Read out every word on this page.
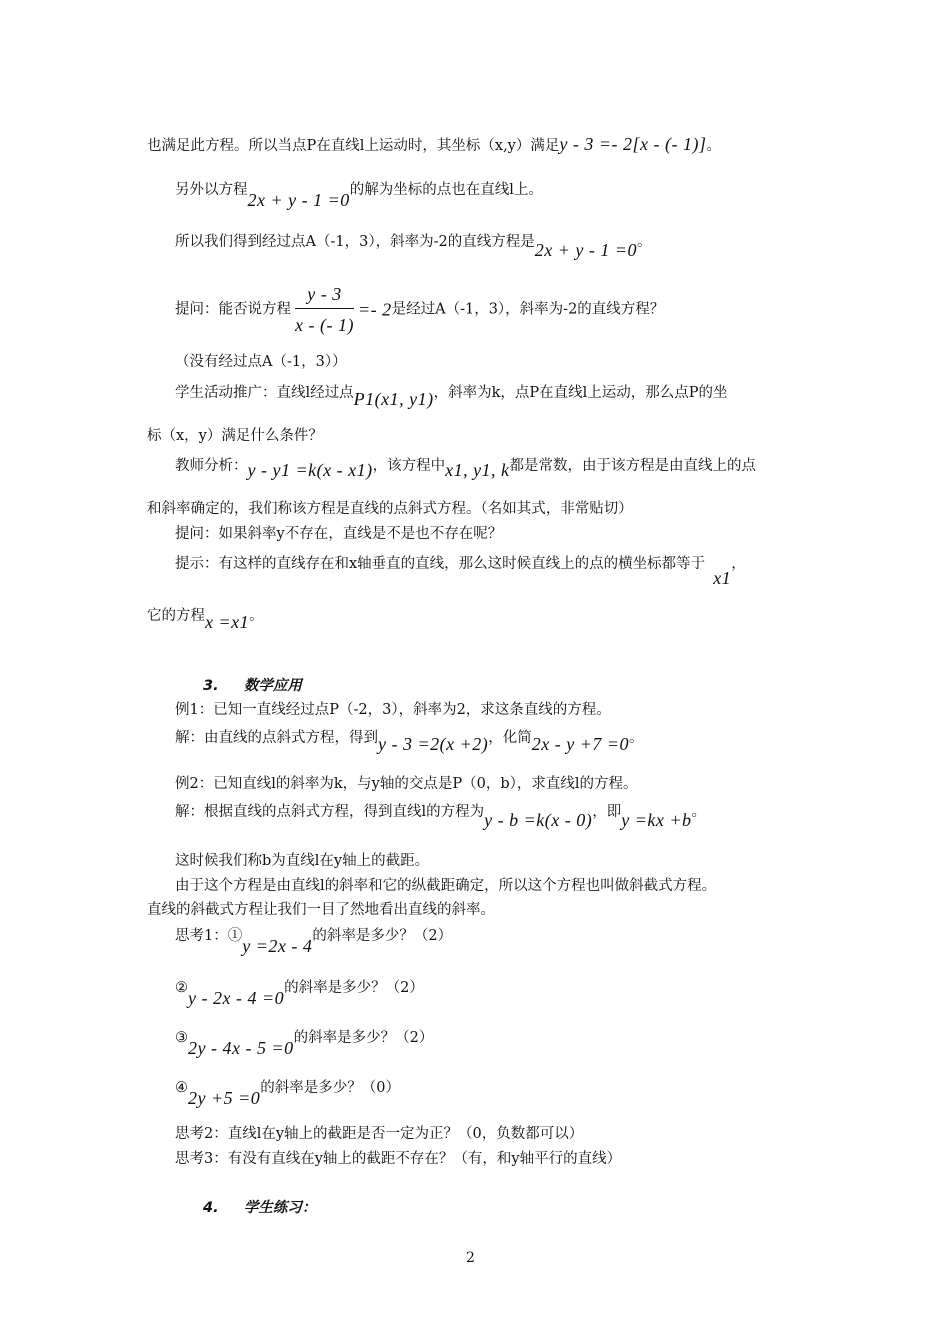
也满足此方程。所以当点P在直线l上运动时，其坐标（x,y）满足y - 3 =- 2[x - (- 1)]。
另外以方程2x + y - 1 =0的解为坐标的点也在直线l上。
所以我们得到经过点A（-1，3），斜率为-2的直线方程是2x + y - 1 =0。
提问：能否说方程 $\frac{y - 3}{x - (- 1)} =- 2$是经过A（-1，3），斜率为-2的直线方程？
（没有经过点A（-1，3））
学生活动推广：直线l经过点P1(x1, y1)，斜率为k，点P在直线l上运动，那么点P的坐
标（x，y）满足什么条件？
教师分析：y - y1 =k(x - x1)，该方程中x1, y1, k都是常数，由于该方程是由直线上的点
和斜率确定的，我们称该方程是直线的点斜式方程。（名如其式，非常贴切）
提问：如果斜率y不存在，直线是不是也不存在呢？
提示：有这样的直线存在和x轴垂直的直线，那么这时候直线上的点的横坐标都等于x1，
它的方程x =x1。
3. 数学应用
例1：已知一直线经过点P（-2，3），斜率为2，求这条直线的方程。
解：由直线的点斜式方程，得到y - 3 =2(x +2)，化简2x - y +7 =0。
例2：已知直线l的斜率为k，与y轴的交点是P（0，b），求直线l的方程。
解：根据直线的点斜式方程，得到直线l的方程为y - b =k(x - 0)，即y =kx +b。
这时候我们称b为直线l在y轴上的截距。
由于这个方程是由直线l的斜率和它的纵截距确定，所以这个方程也叫做斜截式方程。
直线的斜截式方程让我们一目了然地看出直线的斜率。
思考1：①y =2x - 4的斜率是多少？（2）
②y - 2x - 4 =0的斜率是多少？（2）
③2y - 4x - 5 =0的斜率是多少？（2）
④2y +5 =0的斜率是多少？（0）
思考2：直线l在y轴上的截距是否一定为正？（0，负数都可以）
思考3：有没有直线在y轴上的截距不存在？（有，和y轴平行的直线）
4. 学生练习：
2
